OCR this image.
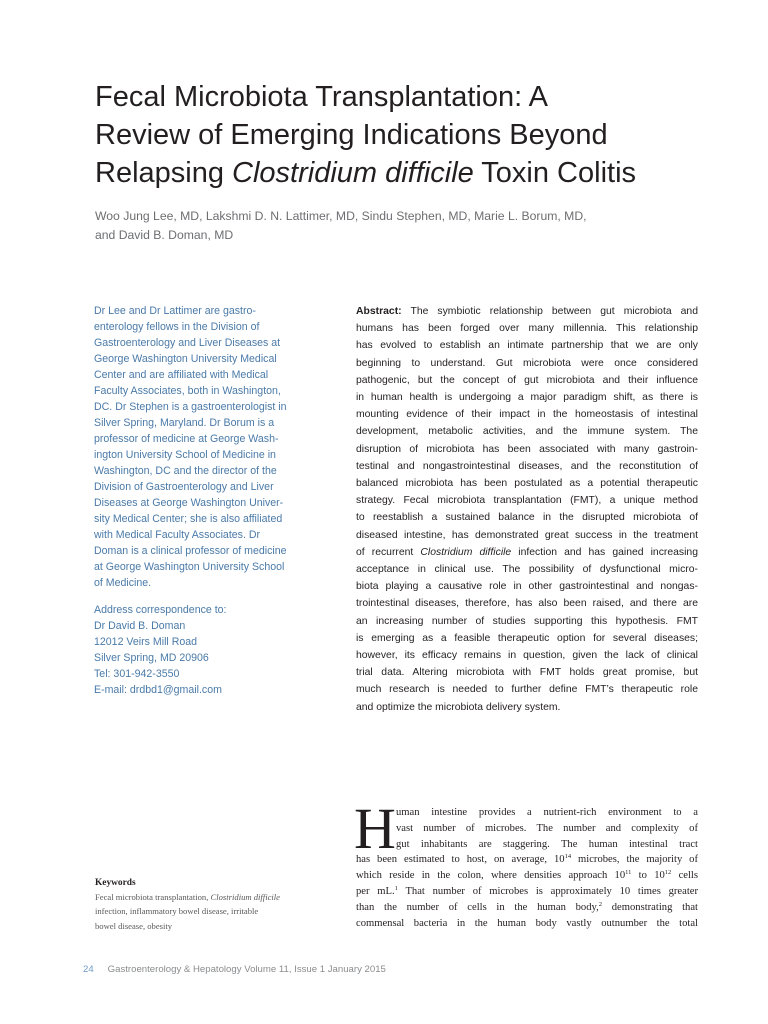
Fecal Microbiota Transplantation: A
Review of Emerging Indications Beyond
Relapsing Clostridium difficile Toxin Colitis
Woo Jung Lee, MD, Lakshmi D. N. Lattimer, MD, Sindu Stephen, MD, Marie L. Borum, MD,
and David B. Doman, MD
Dr Lee and Dr Lattimer are gastro-
enterology fellows in the Division of
Gastroenterology and Liver Diseases at
George Washington University Medical
Center and are affiliated with Medical
Faculty Associates, both in Washington,
DC. Dr Stephen is a gastroenterologist in
Silver Spring, Maryland. Dr Borum is a
professor of medicine at George Wash-
ington University School of Medicine in
Washington, DC and the director of the
Division of Gastroenterology and Liver
Diseases at George Washington Univer-
sity Medical Center; she is also affiliated
with Medical Faculty Associates. Dr
Doman is a clinical professor of medicine
at George Washington University School
of Medicine.
Address correspondence to:
Dr David B. Doman
12012 Veirs Mill Road
Silver Spring, MD 20906
Tel: 301-942-3550
E-mail: drdbd1@gmail.com
Abstract: The symbiotic relationship between gut microbiota and
humans has been forged over many millennia. This relationship
has evolved to establish an intimate partnership that we are only
beginning to understand. Gut microbiota were once considered
pathogenic, but the concept of gut microbiota and their influence
in human health is undergoing a major paradigm shift, as there is
mounting evidence of their impact in the homeostasis of intestinal
development, metabolic activities, and the immune system. The
disruption of microbiota has been associated with many gastroin-
testinal and nongastrointestinal diseases, and the reconstitution of
balanced microbiota has been postulated as a potential therapeutic
strategy. Fecal microbiota transplantation (FMT), a unique method
to reestablish a sustained balance in the disrupted microbiota of
diseased intestine, has demonstrated great success in the treatment
of recurrent Clostridium difficile infection and has gained increasing
acceptance in clinical use. The possibility of dysfunctional micro-
biota playing a causative role in other gastrointestinal and nongas-
trointestinal diseases, therefore, has also been raised, and there are
an increasing number of studies supporting this hypothesis. FMT
is emerging as a feasible therapeutic option for several diseases;
however, its efficacy remains in question, given the lack of clinical
trial data. Altering microbiota with FMT holds great promise, but
much research is needed to further define FMT’s therapeutic role
and optimize the microbiota delivery system.
H uman intestine provides a nutrient-rich environment to a
vast number of microbes. The number and complexity of
gut inhabitants are staggering. The human intestinal tract
has been estimated to host, on average, $10^{14}$ microbes, the majority of
which reside in the colon, where densities approach $10^{11}$ to $10^{12}$ cells
per mL.$^1$ That number of microbes is approximately 10 times greater
than the number of cells in the human body,$^2$ demonstrating that
commensal bacteria in the human body vastly outnumber the total
Keywords
Fecal microbiota transplantation, Clostridium difficile
infection, inflammatory bowel disease, irritable
bowel disease, obesity
24 Gastroenterology & Hepatology Volume 11, Issue 1 January 2015
